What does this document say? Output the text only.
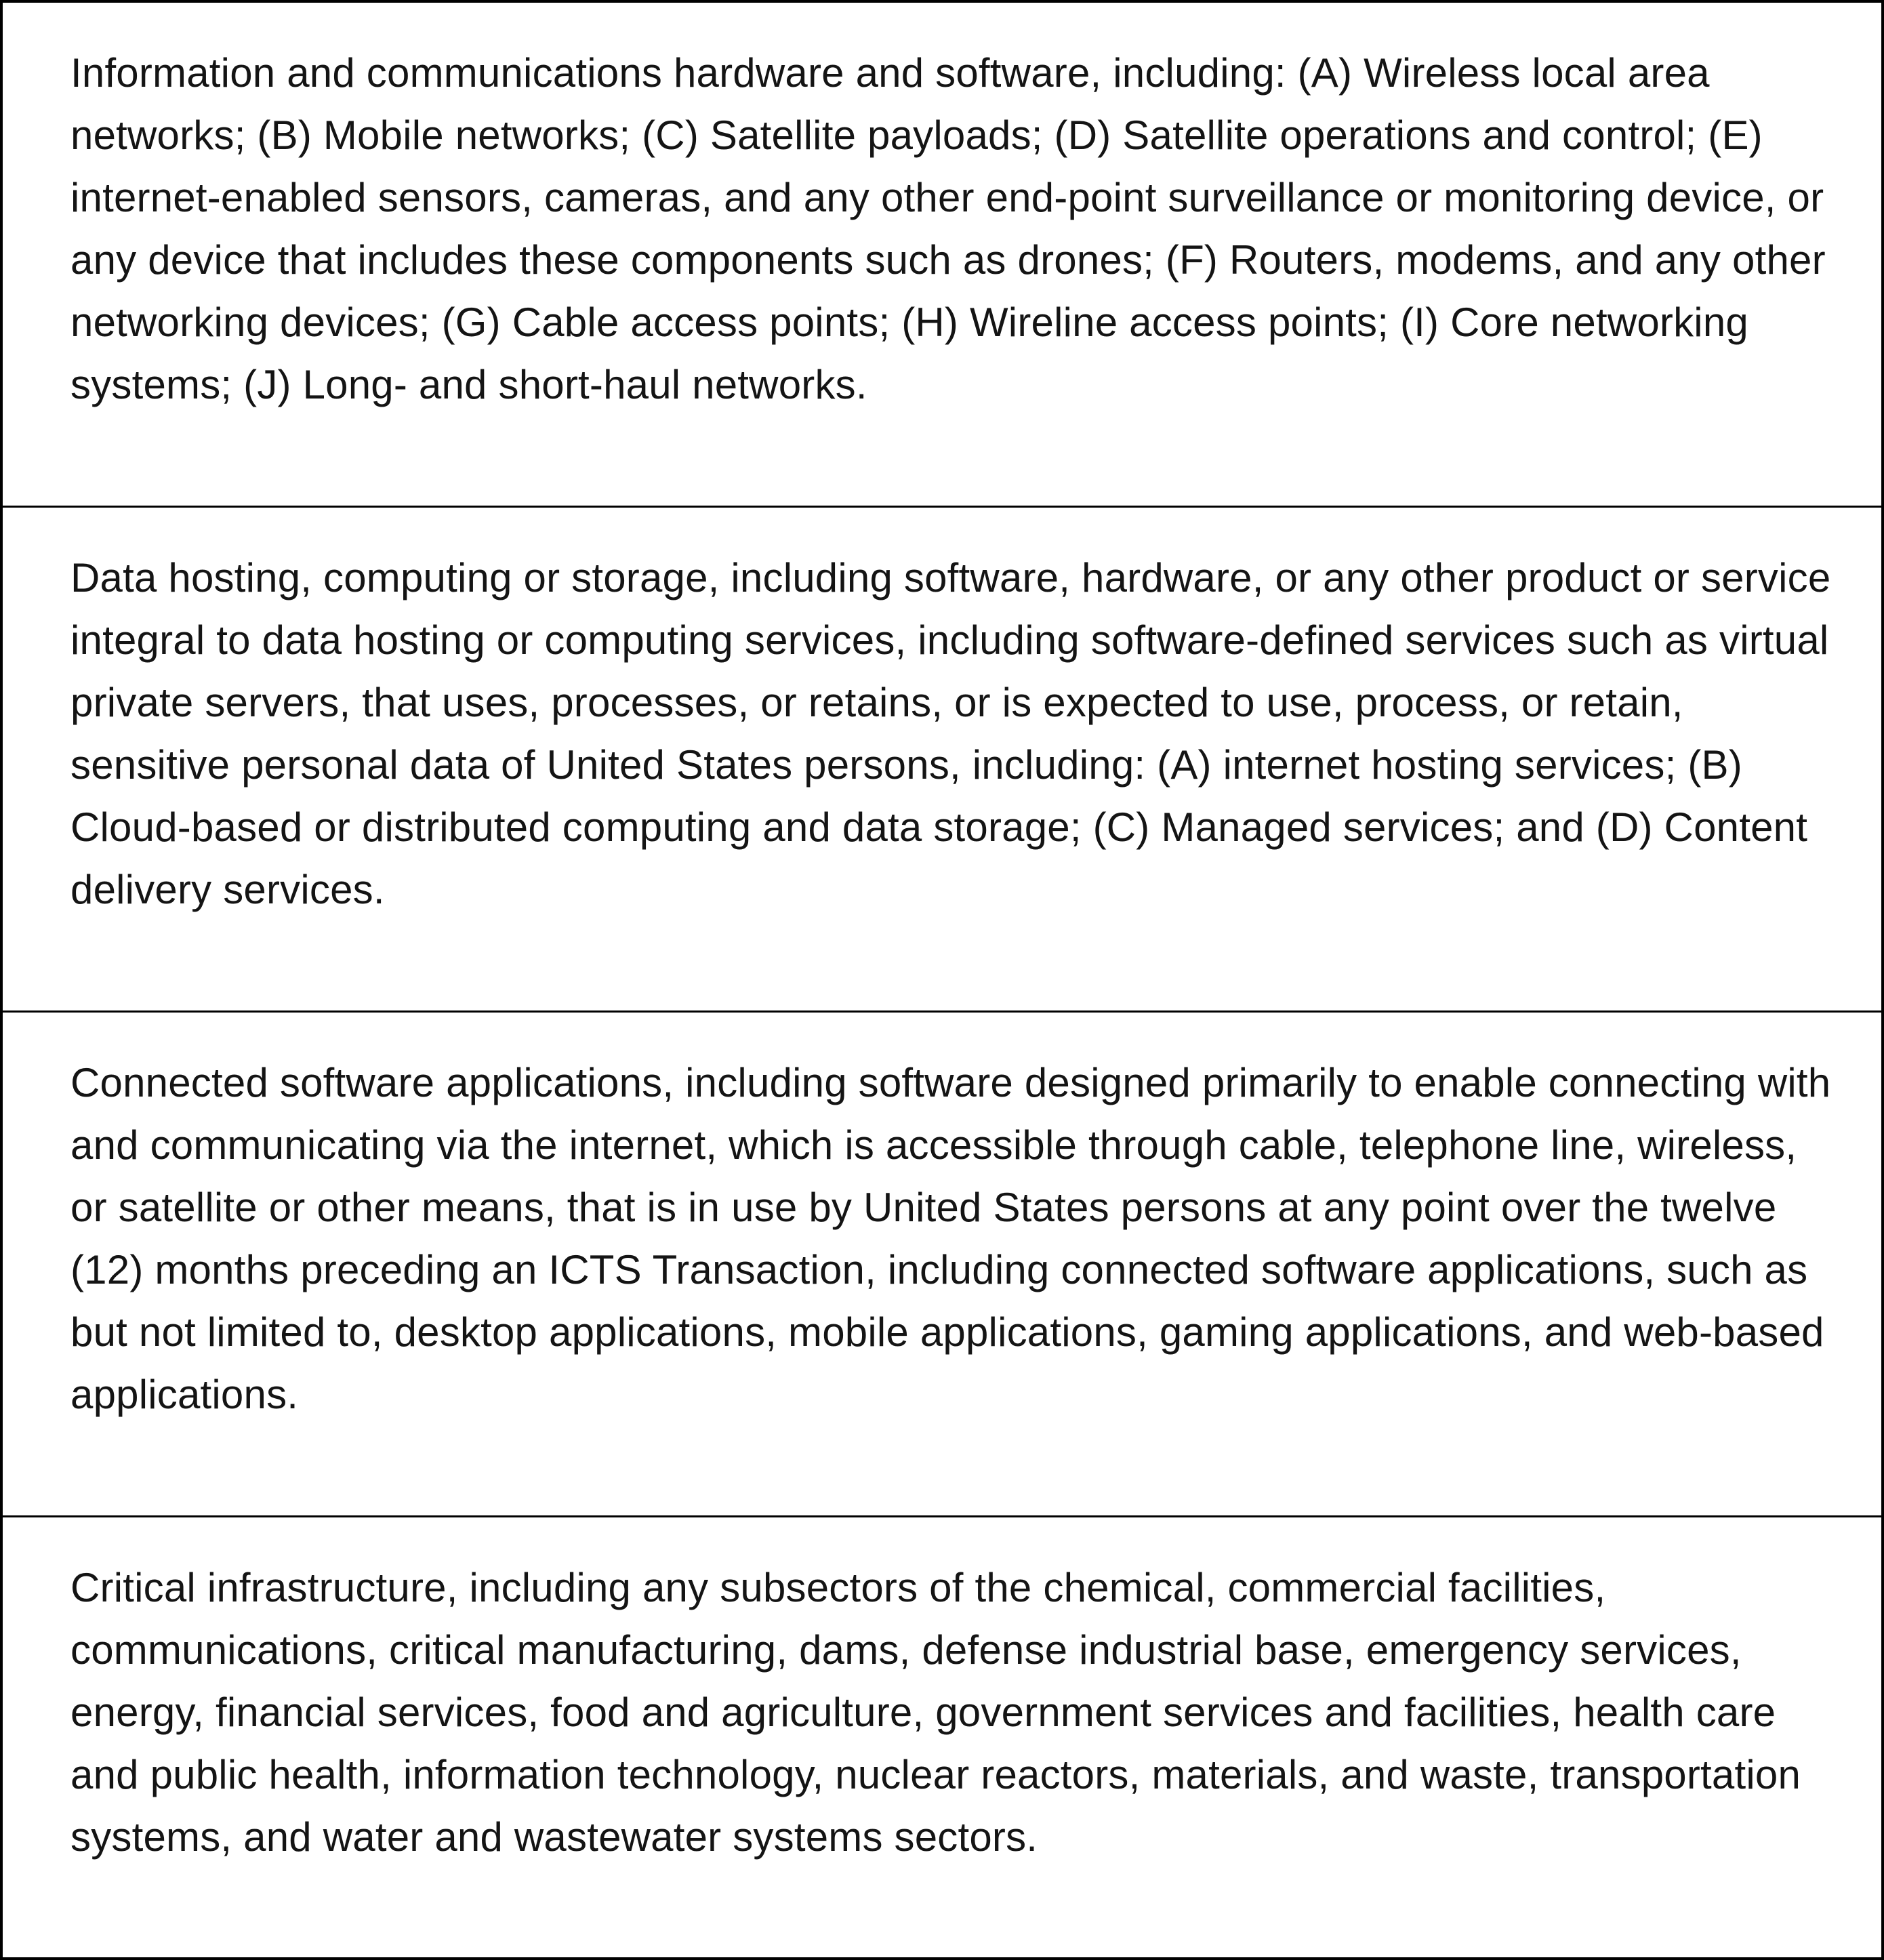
Information and communications hardware and software, including: (A) Wireless local area networks; (B) Mobile networks; (C) Satellite payloads; (D) Satellite operations and control; (E) internet-enabled sensors, cameras, and any other end-point surveillance or monitoring device, or any device that includes these components such as drones; (F) Routers, modems, and any other networking devices; (G) Cable access points; (H) Wireline access points; (I) Core networking systems; (J) Long- and short-haul networks.

Data hosting, computing or storage, including software, hardware, or any other product or service integral to data hosting or computing services, including software-defined services such as virtual private servers, that uses, processes, or retains, or is expected to use, process, or retain, sensitive personal data of United States persons, including: (A) internet hosting services; (B) Cloud-based or distributed computing and data storage; (C) Managed services; and (D) Content delivery services.

Connected software applications, including software designed primarily to enable connecting with and communicating via the internet, which is accessible through cable, telephone line, wireless, or satellite or other means, that is in use by United States persons at any point over the twelve (12) months preceding an ICTS Transaction, including connected software applications, such as but not limited to, desktop applications, mobile applications, gaming applications, and web-based applications.

Critical infrastructure, including any subsectors of the chemical, commercial facilities, communications, critical manufacturing, dams, defense industrial base, emergency services, energy, financial services, food and agriculture, government services and facilities, health care and public health, information technology, nuclear reactors, materials, and waste, transportation systems, and water and wastewater systems sectors.
